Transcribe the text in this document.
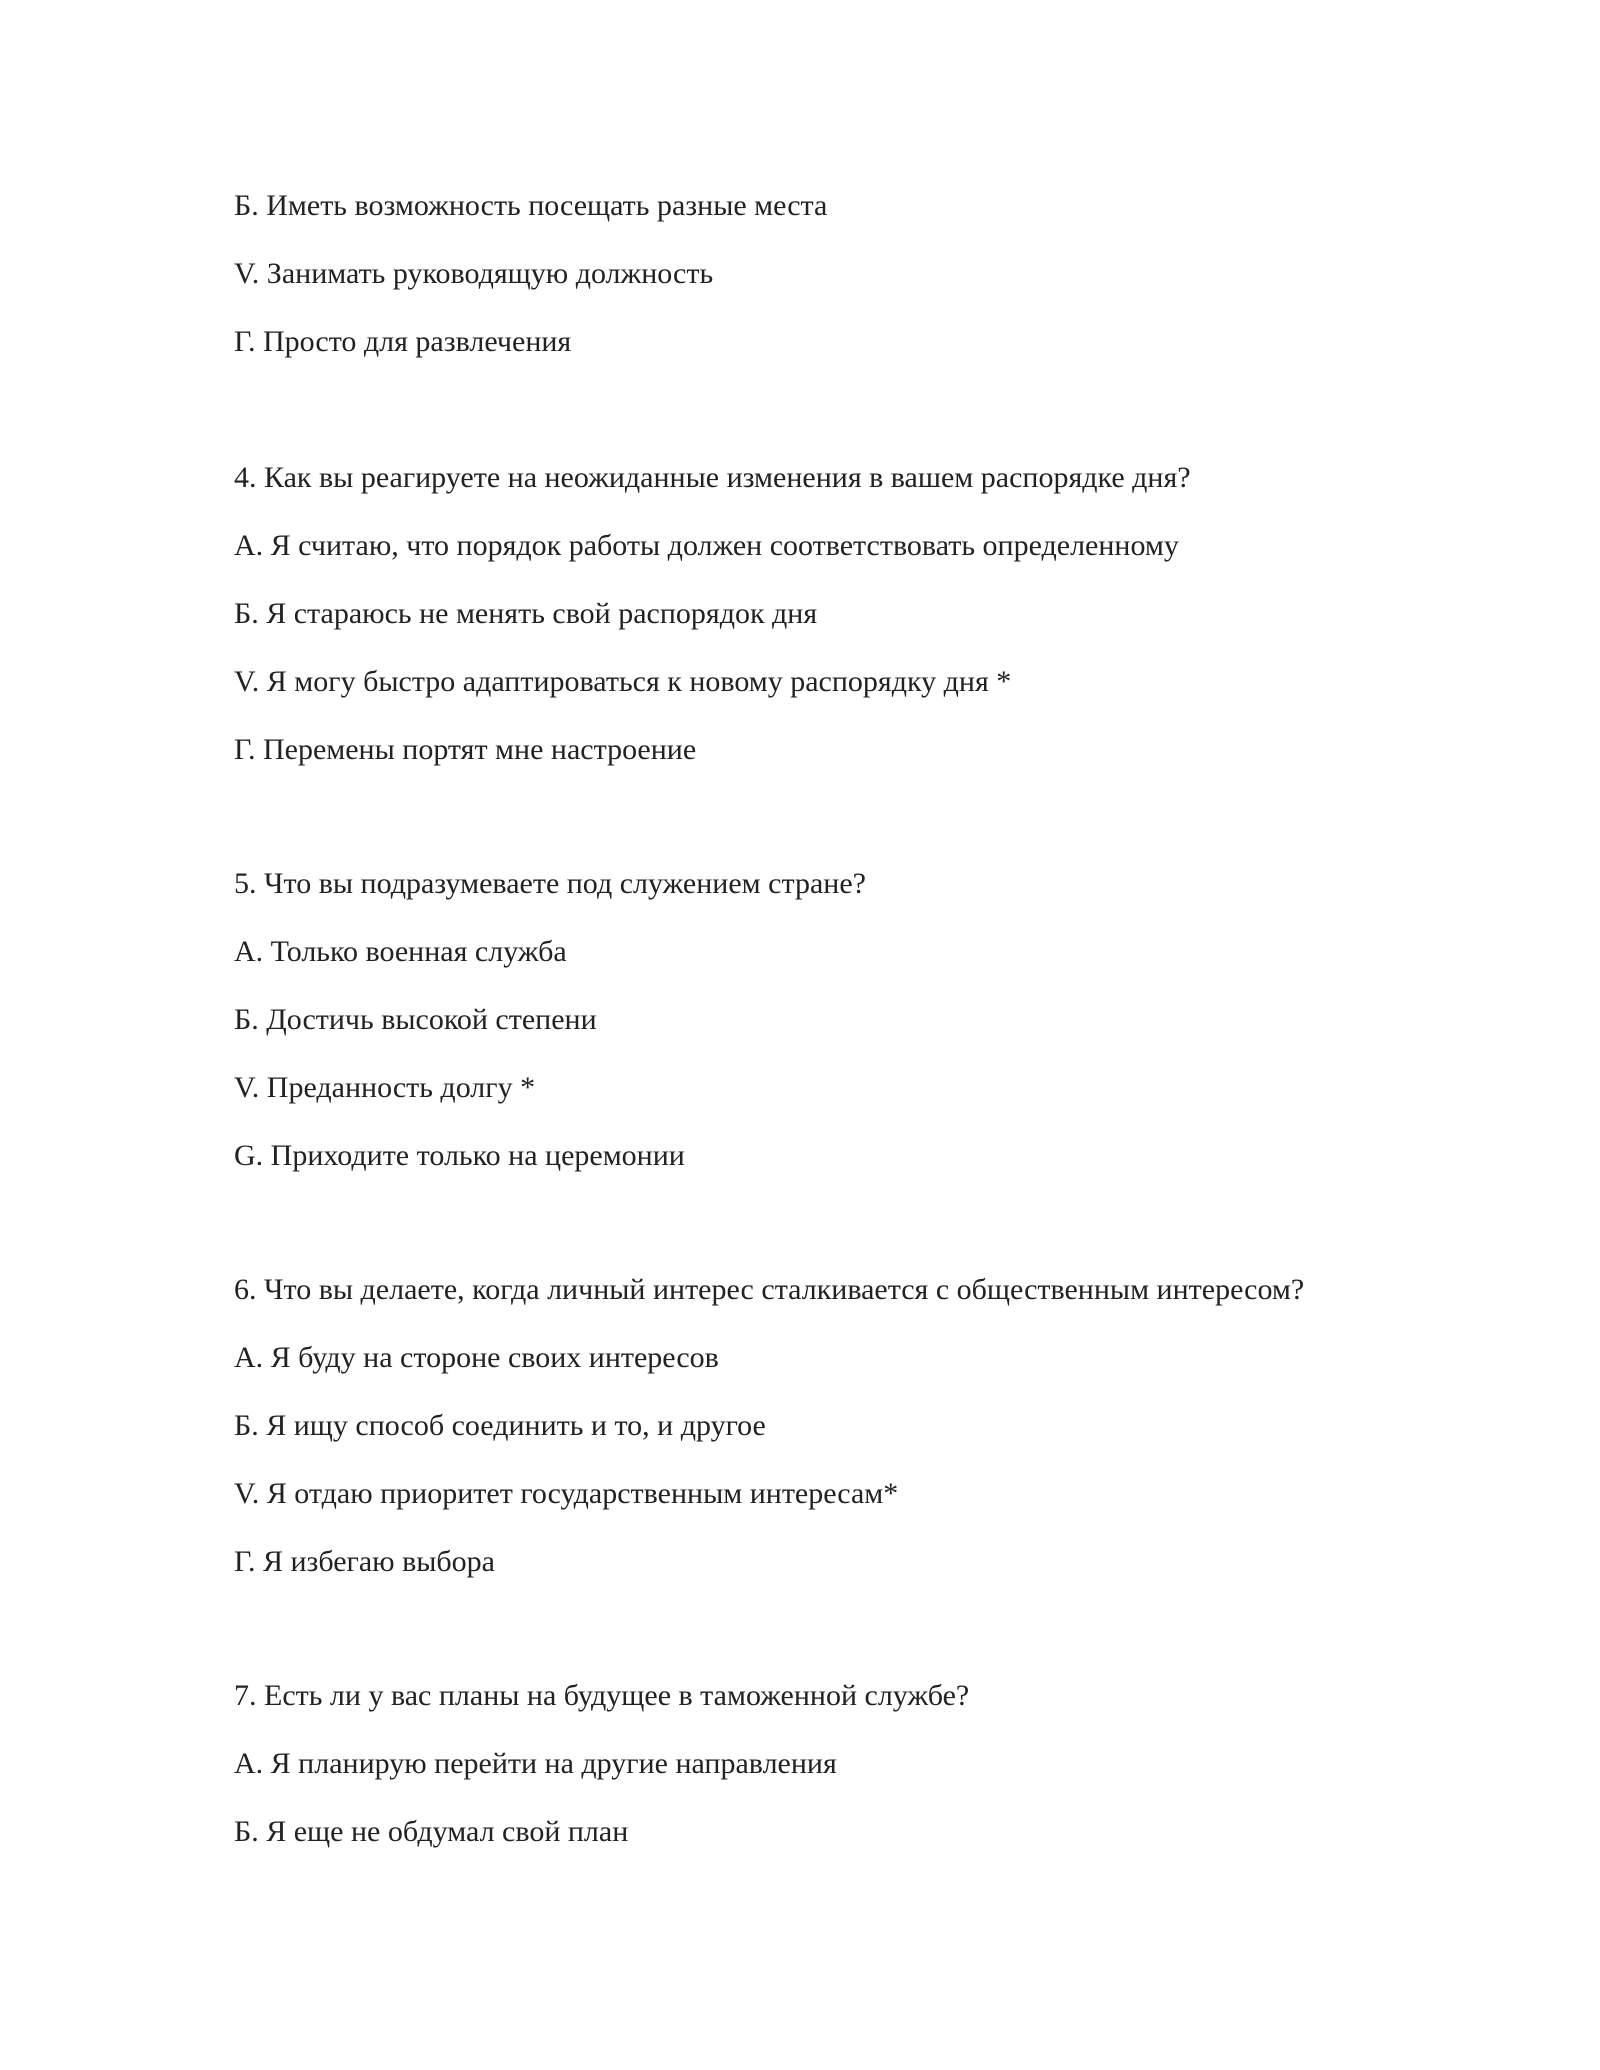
Б. Иметь возможность посещать разные места
V. Занимать руководящую должность
Г. Просто для развлечения
4. Как вы реагируете на неожиданные изменения в вашем распорядке дня?
А. Я считаю, что порядок работы должен соответствовать определенному
Б. Я стараюсь не менять свой распорядок дня
V. Я могу быстро адаптироваться к новому распорядку дня *
Г. Перемены портят мне настроение
5. Что вы подразумеваете под служением стране?
А. Только военная служба
Б. Достичь высокой степени
V. Преданность долгу *
G. Приходите только на церемонии
6. Что вы делаете, когда личный интерес сталкивается с общественным интересом?
А. Я буду на стороне своих интересов
Б. Я ищу способ соединить и то, и другое
V. Я отдаю приоритет государственным интересам*
Г. Я избегаю выбора
7. Есть ли у вас планы на будущее в таможенной службе?
А. Я планирую перейти на другие направления
Б. Я еще не обдумал свой план
